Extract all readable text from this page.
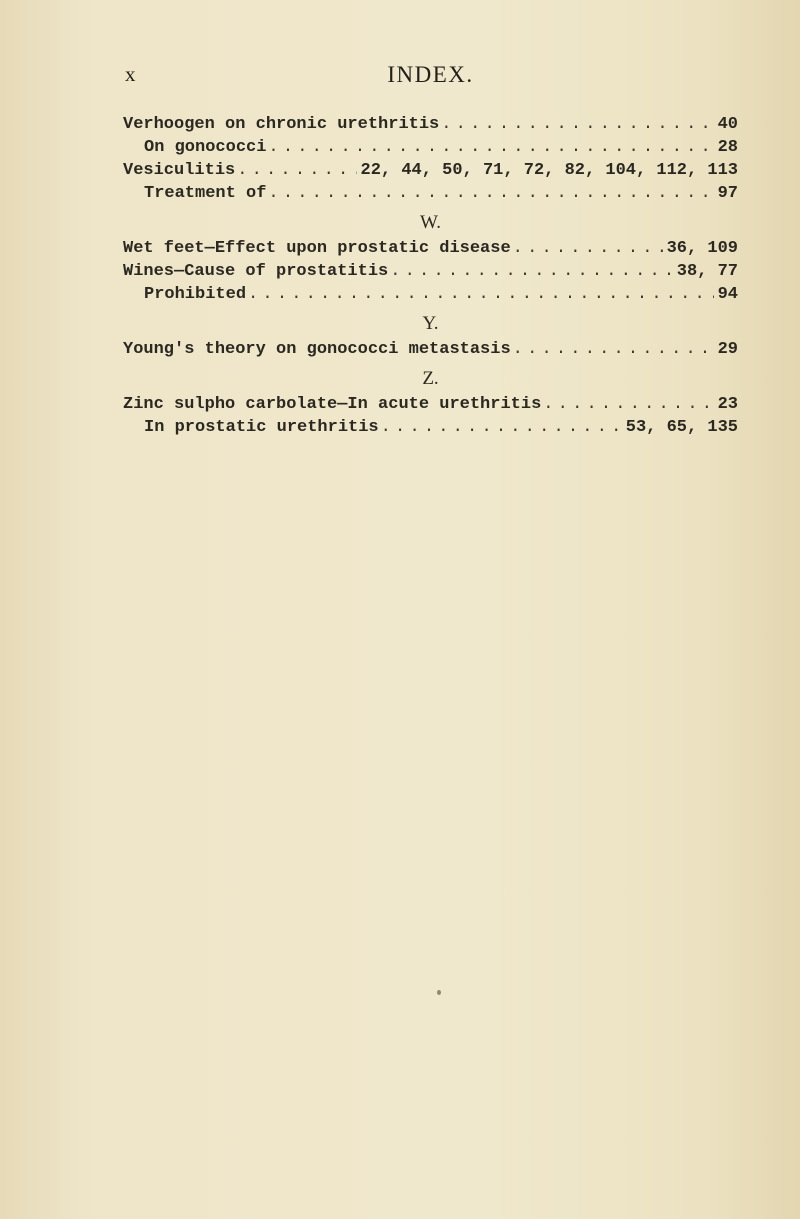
x	INDEX.
Verhoogen on chronic urethritis . . .	40
On gonococci . . .	28
Vesiculitis . . .	22, 44, 50, 71, 72, 82, 104, 112, 113
Treatment of . . .	97
W.
Wet feet—Effect upon prostatic disease . . .	36, 109
Wines—Cause of prostatitis . . .	38, 77
Prohibited . . .	94
Y.
Young's theory on gonococci metastasis . . .	29
Z.
Zinc sulpho carbolate—In acute urethritis . . .	23
In prostatic urethritis . . .	53, 65, 135
